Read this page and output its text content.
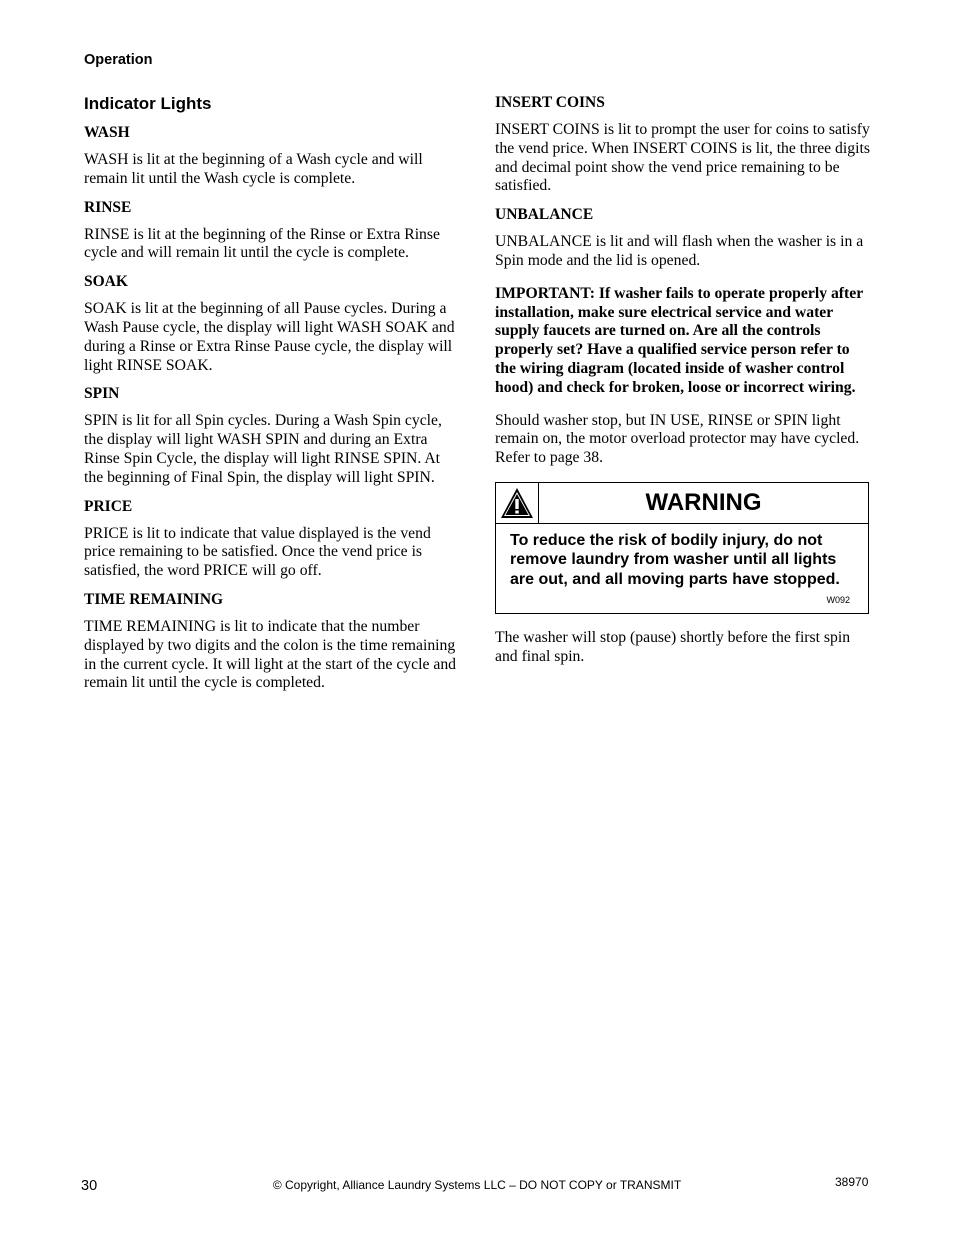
Operation
Indicator Lights
WASH
WASH is lit at the beginning of a Wash cycle and will remain lit until the Wash cycle is complete.
RINSE
RINSE is lit at the beginning of the Rinse or Extra Rinse cycle and will remain lit until the cycle is complete.
SOAK
SOAK is lit at the beginning of all Pause cycles. During a Wash Pause cycle, the display will light WASH SOAK and during a Rinse or Extra Rinse Pause cycle, the display will light RINSE SOAK.
SPIN
SPIN is lit for all Spin cycles. During a Wash Spin cycle, the display will light WASH SPIN and during an Extra Rinse Spin Cycle, the display will light RINSE SPIN. At the beginning of Final Spin, the display will light SPIN.
PRICE
PRICE is lit to indicate that value displayed is the vend price remaining to be satisfied. Once the vend price is satisfied, the word PRICE will go off.
TIME REMAINING
TIME REMAINING is lit to indicate that the number displayed by two digits and the colon is the time remaining in the current cycle. It will light at the start of the cycle and remain lit until the cycle is completed.
INSERT COINS
INSERT COINS is lit to prompt the user for coins to satisfy the vend price. When INSERT COINS is lit, the three digits and decimal point show the vend price remaining to be satisfied.
UNBALANCE
UNBALANCE is lit and will flash when the washer is in a Spin mode and the lid is opened.
IMPORTANT: If washer fails to operate properly after installation, make sure electrical service and water supply faucets are turned on. Are all the controls properly set? Have a qualified service person refer to the wiring diagram (located inside of washer control hood) and check for broken, loose or incorrect wiring.
Should washer stop, but IN USE, RINSE or SPIN light remain on, the motor overload protector may have cycled. Refer to page 38.
WARNING
To reduce the risk of bodily injury, do not remove laundry from washer until all lights are out, and all moving parts have stopped.
W092
The washer will stop (pause) shortly before the first spin and final spin.
30	© Copyright, Alliance Laundry Systems LLC – DO NOT COPY or TRANSMIT	38970
